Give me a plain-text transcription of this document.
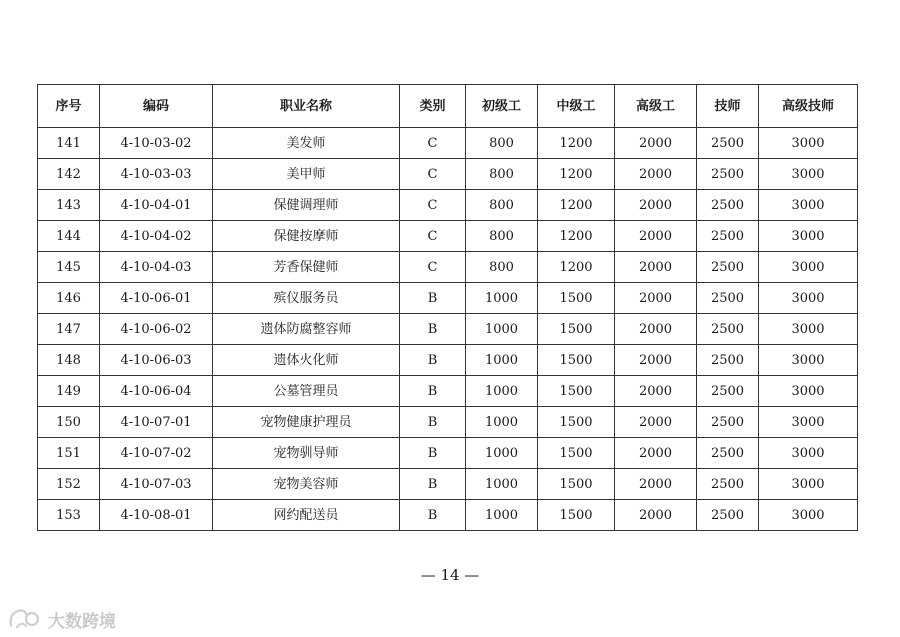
序号	编码	职业名称	类别	初级工	中级工	高级工	技师	高级技师
141	4-10-03-02	美发师	C	800	1200	2000	2500	3000
142	4-10-03-03	美甲师	C	800	1200	2000	2500	3000
143	4-10-04-01	保健调理师	C	800	1200	2000	2500	3000
144	4-10-04-02	保健按摩师	C	800	1200	2000	2500	3000
145	4-10-04-03	芳香保健师	C	800	1200	2000	2500	3000
146	4-10-06-01	殡仪服务员	B	1000	1500	2000	2500	3000
147	4-10-06-02	遗体防腐整容师	B	1000	1500	2000	2500	3000
148	4-10-06-03	遗体火化师	B	1000	1500	2000	2500	3000
149	4-10-06-04	公墓管理员	B	1000	1500	2000	2500	3000
150	4-10-07-01	宠物健康护理员	B	1000	1500	2000	2500	3000
151	4-10-07-02	宠物驯导师	B	1000	1500	2000	2500	3000
152	4-10-07-03	宠物美容师	B	1000	1500	2000	2500	3000
153	4-10-08-01	网约配送员	B	1000	1500	2000	2500	3000
— 14 —
大数跨境
